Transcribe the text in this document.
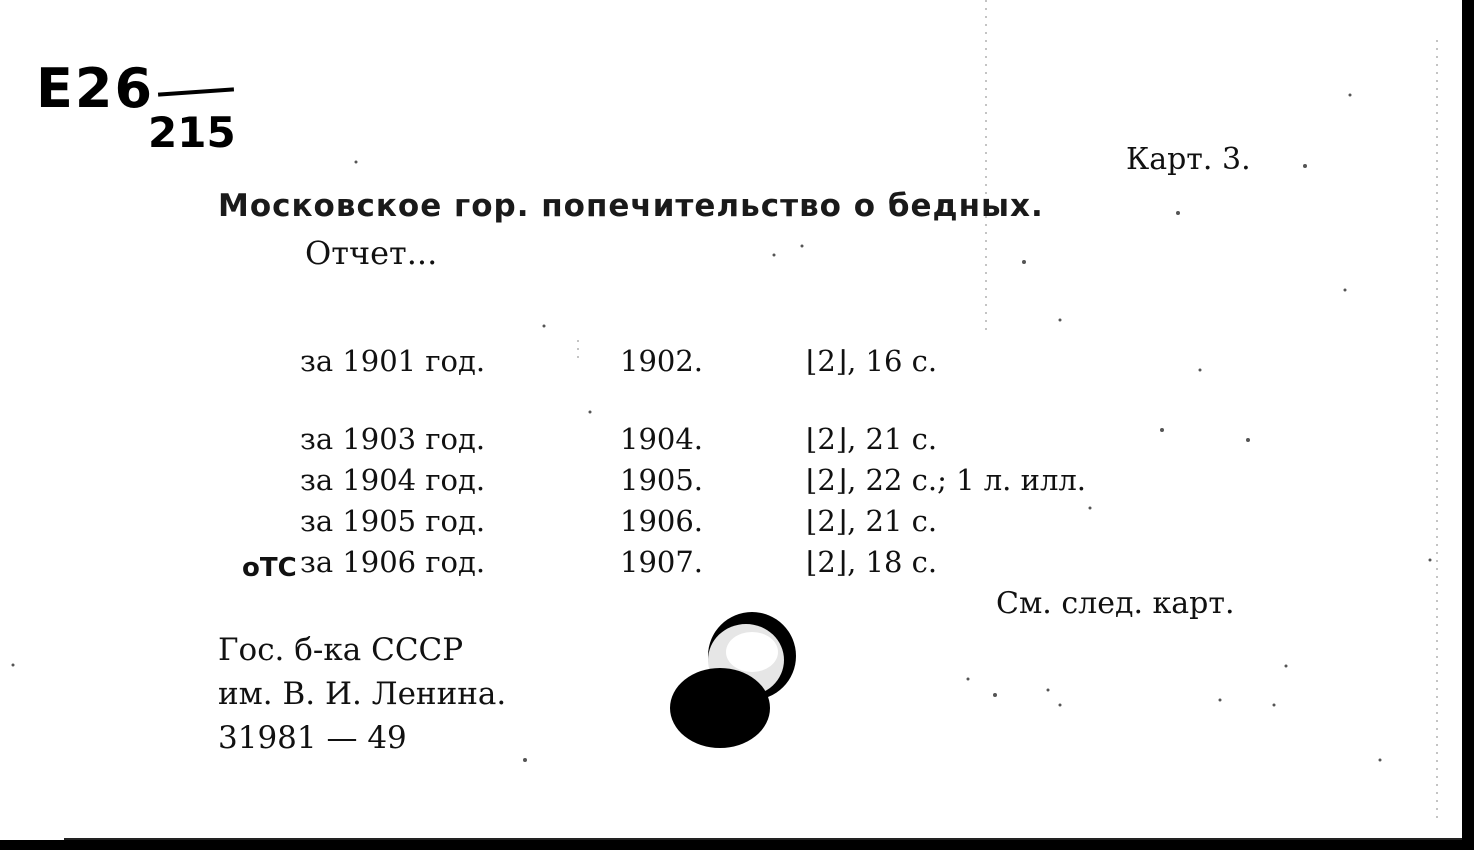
Е26
215
Карт. 3.
Московское гор. попечительство о бедных.
Отчет...
за 1901 год.	1902.	⌊2⌋, 16 с.
за 1903 год.	1904.	⌊2⌋, 21 с.
за 1904 год.	1905.	⌊2⌋, 22 с.; 1 л. илл.
за 1905 год.	1906.	⌊2⌋, 21 с.
за 1906 год.	1907.	⌊2⌋, 18 с.
оТС
См. след. карт.
Гос. б-ка СССР
им. В. И. Ленина.
31981 — 49
